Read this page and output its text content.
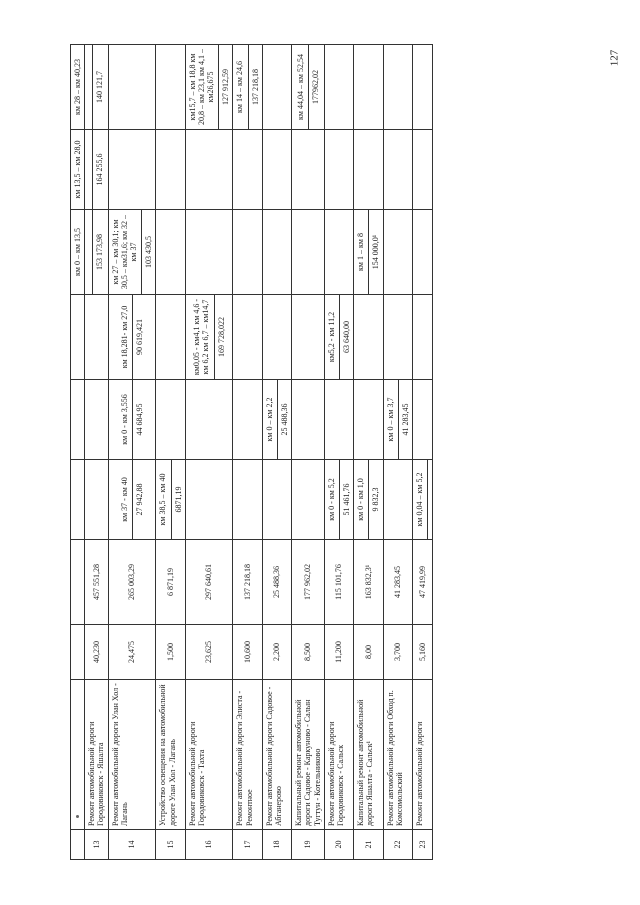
							км 0 – км 13,5	км 13,5 – км 28,0	км 28 – км 40,23
13	Ремонт автомобильной дороги Городовиковск - Яшалта	40,230	457 551,28				153 173,98	164 255,6	140 121,7

14	Ремонт автомобильной дороги Улан Хол - Лагань	24,475	265 003,29	км 37 - км 40 27 942,88	км 0 - км 3,556 44 684,95	км 18,281- км 27,0 90 619,421	км 27 – км 30,1; км 30,5 – км31,6; км 32 – км 37 103 430,5		

15	Устройство освещения на автомобильной дороге Улан Хол - Лагань	1,500	6 871,19	км 38,5 – км 40 6871,19					

16	Ремонт автомобильной дороги Городовиковск - Тахта	23,625	297 640,61			км0,05 - км4,1 км 4,6 - км 6,2 км 6,7 – км14,7 169 728,022			км15,7 – км 18,8 км 20,8 – км 23,1 км 4,1 – км26,675 127 912,59

17	Ремонт автомобильной дороги Элиста - Ремонтное	10,600	137 218,18						км 14 – км 24,6 137 218,18

18	Ремонт автомобильной дороги Садовое - Абганерово	2,200	25 488,36		км 0 – км 2,2 25 488,36				

19	Капитальный ремонт автомобильной дороги Садовое - Каркуново - Салын Тугтун - Котельниково	8,500	177 962,02						км 44,04 – км 52,54 177962,02

20	Ремонт автомобильной дороги Городовиковск - Сальск	11,200	115 101,76	км 0 - км 5,2 51 461,76		км5,2 - км 11,2 63 640,00			

21	Капитальный ремонт автомобильной дороги Яшалта - Сальск¹	8,00	163 832,3¹	км 0 - км 1,0 9 832,3			км 1 – км 8 154 000,0¹		

22	Ремонт автомобильной дороги Обход п. Комсомольский	3,700	41 283,45		км 0 – км 3,7 41 283,45				

23	Ремонт автомобильной дороги	5,160	47 419,99	км 0,04 – км 5,2

127
